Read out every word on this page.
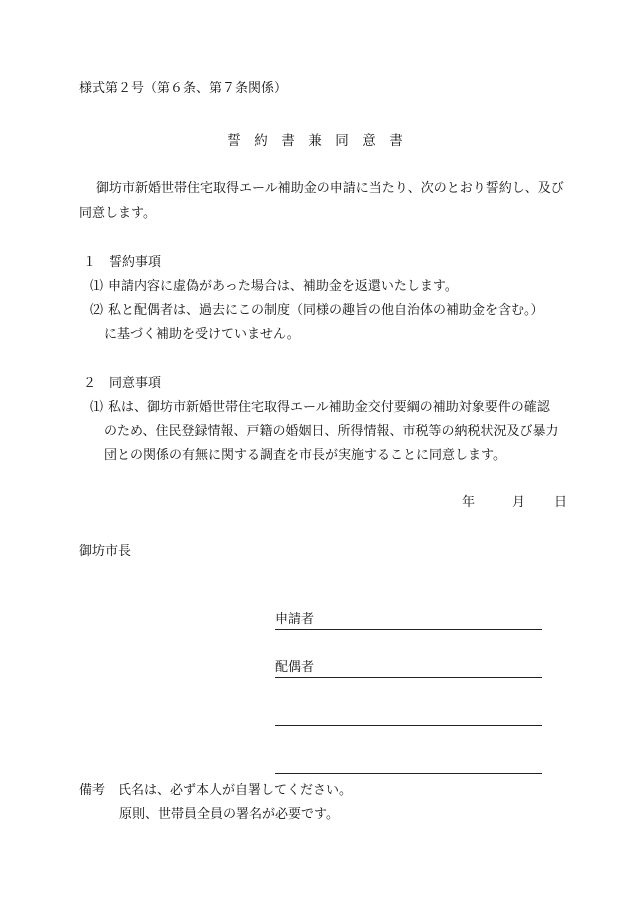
様式第２号（第６条、第７条関係）
誓　約　書　兼　同　意　書
御坊市新婚世帯住宅取得エール補助金の申請に当たり、次のとおり誓約し、及び
同意します。
１　誓約事項
⑴ 申請内容に虚偽があった場合は、補助金を返還いたします。
⑵ 私と配偶者は、過去にこの制度（同様の趣旨の他自治体の補助金を含む。）
に基づく補助を受けていません。
２　同意事項
⑴ 私は、御坊市新婚世帯住宅取得エール補助金交付要綱の補助対象要件の確認
のため、住民登録情報、戸籍の婚姻日、所得情報、市税等の納税状況及び暴力
団との関係の有無に関する調査を市長が実施することに同意します。
年	月 日
御坊市長
申請者
配偶者
備考　氏名は、必ず本人が自署してください。
原則、世帯員全員の署名が必要です。
